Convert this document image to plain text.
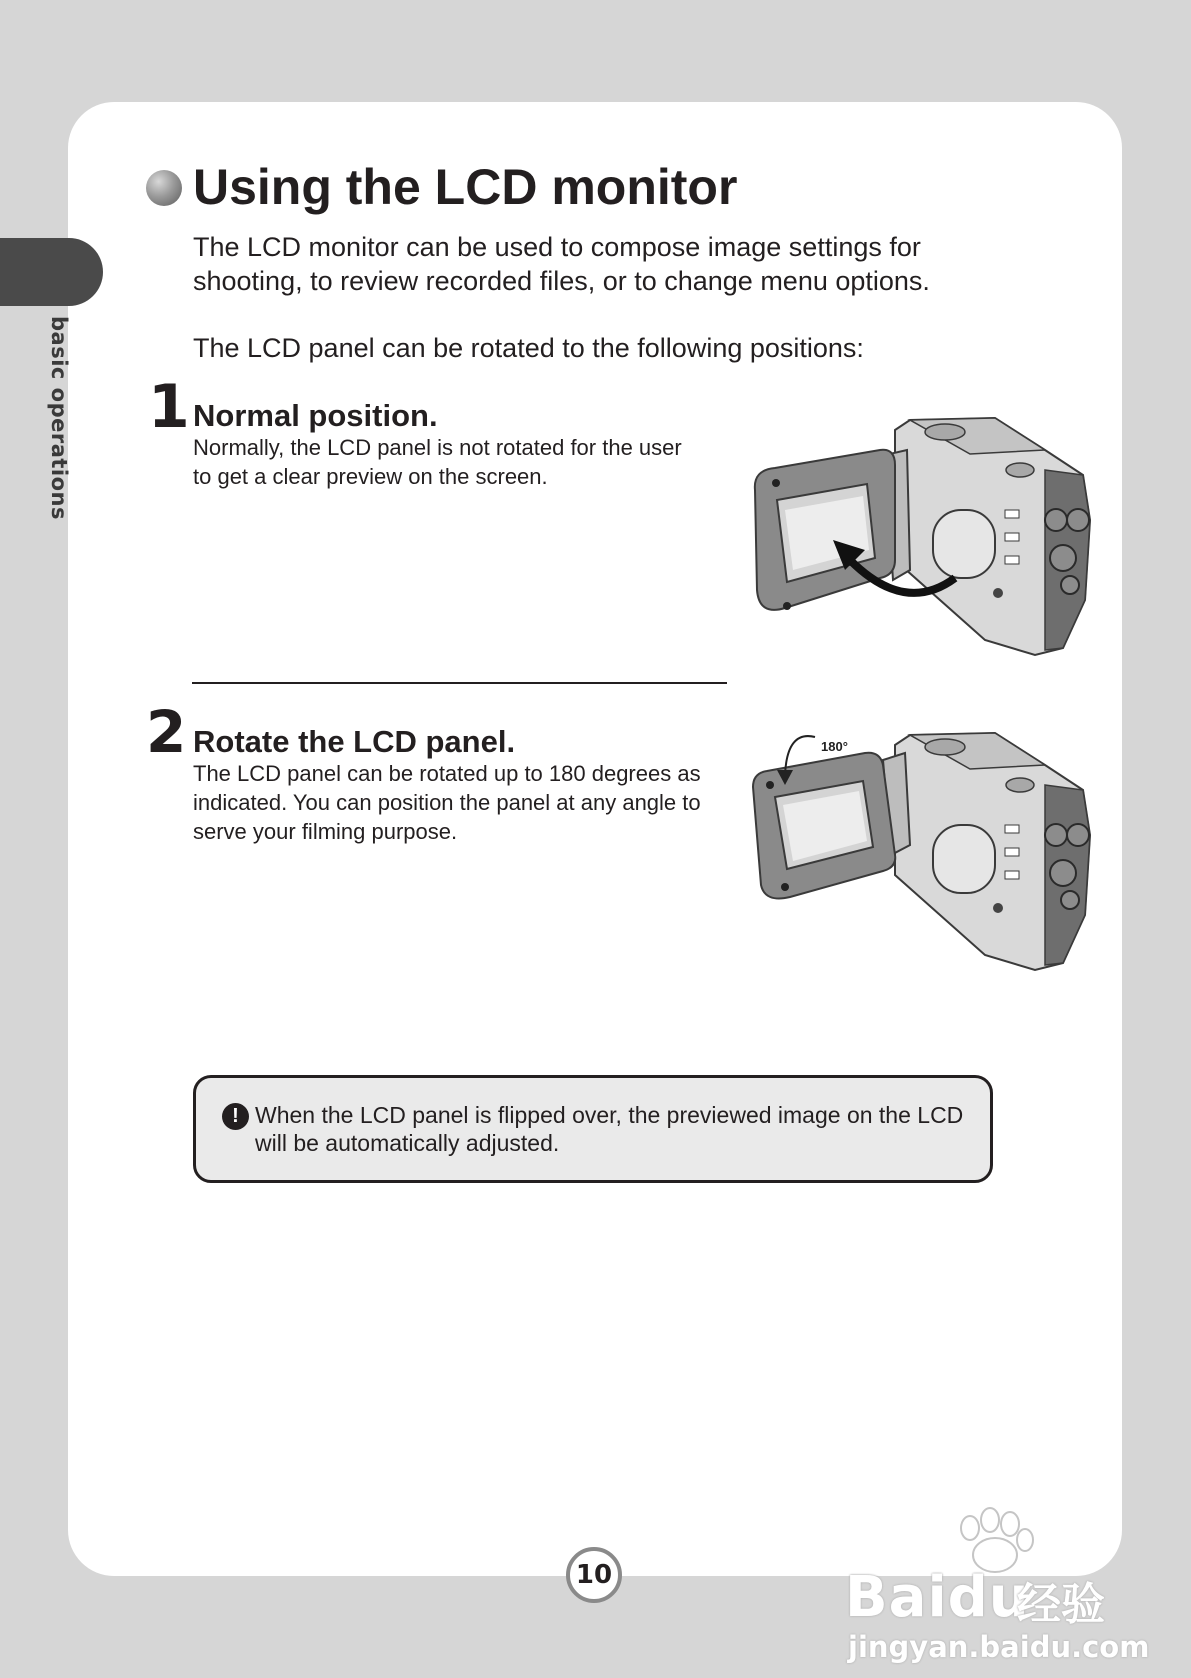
basic operations
Using the LCD monitor
The LCD monitor can be used to compose image settings for shooting, to review recorded files, or to change menu options.
The LCD panel can be rotated to the following positions:
1 Normal position.
Normally, the LCD panel is not rotated for the user to get a clear preview on the screen.
2 Rotate the LCD panel.
The LCD panel can be rotated up to 180 degrees as indicated. You can position the panel at any angle to serve your filming purpose.
180°
! When the LCD panel is flipped over, the previewed image on the LCD will be automatically adjusted.
10	Baidu
经验
jingyan.baidu.com
